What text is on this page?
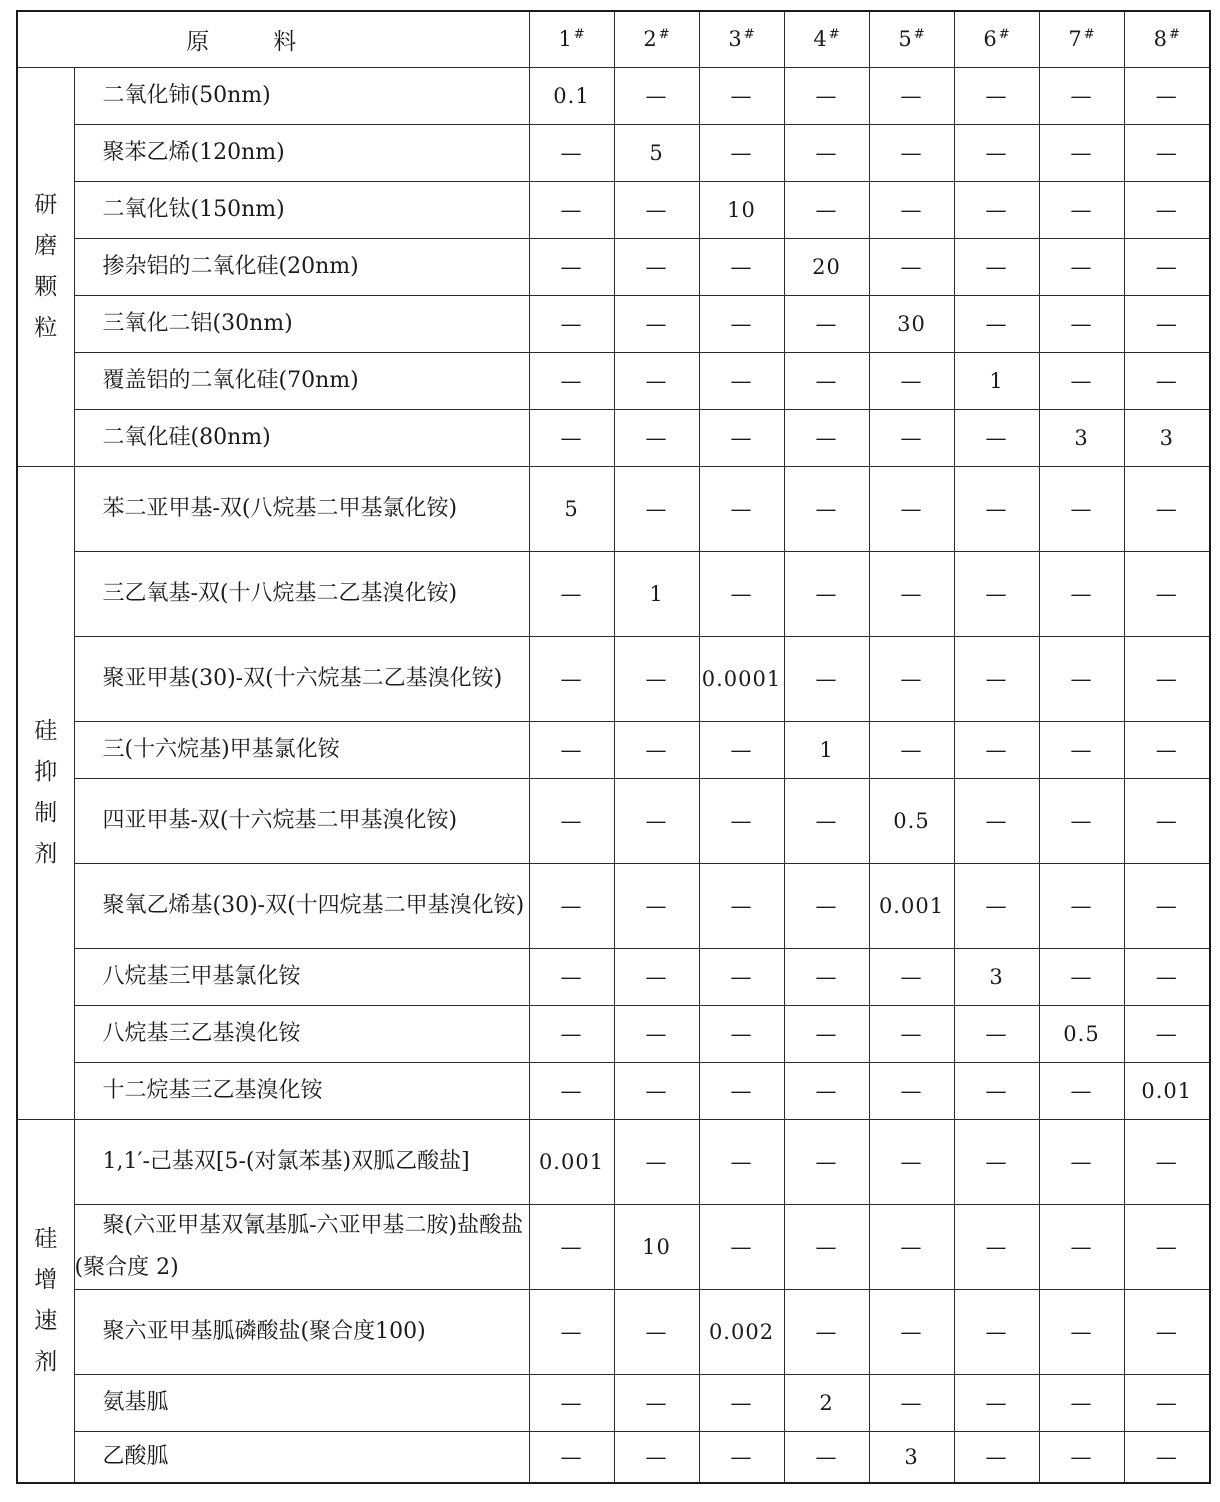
原料		1 #	2 #	3 #	4 #	5 #	6 #	7 #	8 #
研磨颗粒	二氧化铈(50nm)	0.1	—	—	—	—	—	—	—
	聚苯乙烯(120nm)	—	5	—	—	—	—	—	—
	二氧化钛(150nm)	—	—	10	—	—	—	—	—
	掺杂铝的二氧化硅(20nm)	—	—	—	20	—	—	—	—
	三氧化二铝(30nm)	—	—	—	—	30	—	—	—
	覆盖铝的二氧化硅(70nm)	—	—	—	—	—	1	—	—
	二氧化硅(80nm)	—	—	—	—	—	—	3	3
硅抑制剂	苯二亚甲基-双(八烷基二甲基氯化铵)	5	—	—	—	—	—	—	—
	三乙氧基-双(十八烷基二乙基溴化铵)	—	1	—	—	—	—	—	—
	聚亚甲基(30)-双(十六烷基二乙基溴化铵)	—	—	0.0001	—	—	—	—	—
	三(十六烷基)甲基氯化铵	—	—	—	1	—	—	—	—
	四亚甲基-双(十六烷基二甲基溴化铵)	—	—	—	—	0.5	—	—	—
	聚氧乙烯基(30)-双(十四烷基二甲基溴化铵)	—	—	—	—	0.001	—	—	—
	八烷基三甲基氯化铵	—	—	—	—	—	3	—	—
	八烷基三乙基溴化铵	—	—	—	—	—	—	0.5	—
	十二烷基三乙基溴化铵	—	—	—	—	—	—	—	0.01
硅增速剂	1,1′-己基双[5-(对氯苯基)双胍乙酸盐]	0.001	—	—	—	—	—	—	—
	聚(六亚甲基双氰基胍-六亚甲基二胺)盐酸盐(聚合度 2)	—	10	—	—	—	—	—	—
	聚六亚甲基胍磷酸盐(聚合度100)	—	—	0.002	—	—	—	—	—
	氨基胍	—	—	—	2	—	—	—	—
	乙酸胍	—	—	—	—	3	—	—	—
